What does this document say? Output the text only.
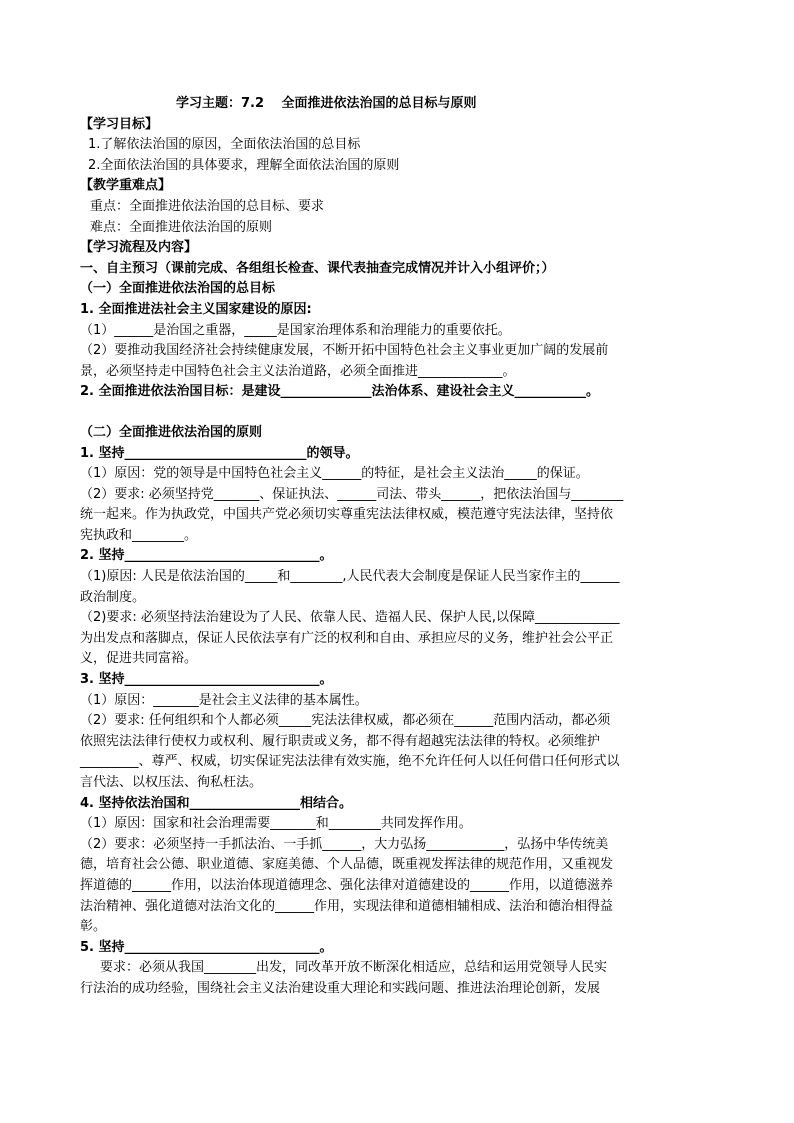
学习主题：7.2　 全面推进依法治国的总目标与原则

【学习目标】

1.了解依法治国的原因，全面依法治国的总目标

2.全面依法治国的具体要求，理解全面依法治国的原则

【教学重难点】

重点：全面推进依法治国的总目标、要求

难点：全面推进依法治国的原则

【学习流程及内容】

一、自主预习（课前完成、各组组长检查、课代表抽查完成情况并计入小组评价；）

（一）全面推进依法治国的总目标

1. 全面推进法社会主义国家建设的原因:

（1）______是治国之重器，_____是国家治理体系和治理能力的重要依托。

（2）要推动我国经济社会持续健康发展，不断开拓中国特色社会主义事业更加广阔的发展前

景，必须坚持走中国特色社会主义法治道路，必须全面推进_____________。

2. 全面推进依法治国目标：是建设______________法治体系、建设社会主义___________。

（二）全面推进依法治国的原则

1. 坚持____________________________的领导。

（1）原因：党的领导是中国特色社会主义______的特征，是社会主义法治_____的保证。

（2）要求: 必须坚持党_______、保证执法、______司法、带头______，把依法治国与________

统一起来。作为执政党，中国共产党必须切实尊重宪法法律权威，模范遵守宪法法律，坚持依

宪执政和________。

2. 坚持______________________________。

（1)原因: 人民是依法治国的_____和________,人民代表大会制度是保证人民当家作主的______

政治制度。

（2)要求: 必须坚持法治建设为了人民、依靠人民、造福人民、保护人民,以保障_____________

为出发点和落脚点，保证人民依法享有广泛的权利和自由、承担应尽的义务，维护社会公平正

义，促进共同富裕。

3. 坚持______________________________。

（1）原因：_______是社会主义法律的基本属性。

（2）要求: 任何组织和个人都必须_____宪法法律权威，都必须在______范围内活动，都必须

依照宪法法律行使权力或权利、履行职责或义务，都不得有超越宪法法律的特权。必须维护

_________、尊严、权威，切实保证宪法法律有效实施，绝不允许任何人以任何借口任何形式以

言代法、以权压法、徇私枉法。

4. 坚持依法治国和_________________相结合。

（1）原因：国家和社会治理需要_______和________共同发挥作用。

（2）要求：必须坚持一手抓法治、一手抓______，大力弘扬____________，弘扬中华传统美

德，培育社会公德、职业道德、家庭美德、个人品德，既重视发挥法律的规范作用，又重视发

挥道德的______作用，以法治体现道德理念、强化法律对道德建设的______作用，以道德滋养

法治精神、强化道德对法治文化的______作用，实现法律和道德相辅相成、法治和德治相得益

彰。

5. 坚持______________________________。

要求：必须从我国________出发，同改革开放不断深化相适应，总结和运用党领导人民实

行法治的成功经验，围绕社会主义法治建设重大理论和实践问题、推进法治理论创新，发展
